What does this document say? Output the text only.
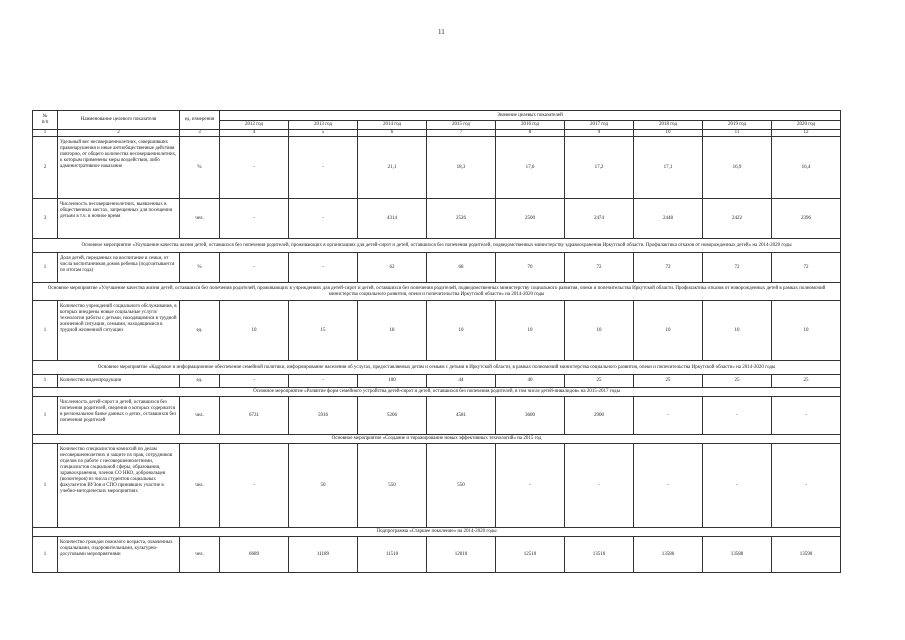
11
№
п/п	Наименование целевого показателя	ед. измерения	Значение целевых показателей								
			2012 год	2013 год	2014 год	2015 год	2016 год	2017 год	2018 год	2019 год	2020 год
1	2	3	4	5	6	7	8	9	10	11	12
2	Удельный вес несовершеннолетних, совершивших правонарушения и иные антиобщественные действия повторно, от общего количества несовершеннолетних, к которым применены меры воздействия, либо административное наказание	%	-	-	21,1	18,3	17,6	17,2	17,1	16,9	16,4
3	Численность несовершеннолетних, выявленных в общественных местах, запрещенных для посещения детьми в т.ч. в ночное время	чел.	-	-	4314	2526	2500	2474	2448	2422	2396
Основное мероприятие «Улучшение качества жизни детей, оставшихся без попечения родителей, проживающих в организациях для детей-сирот и детей, оставшихся без попечения родителей, подведомственных министерству здравоохранения Иркутской области. Профилактика отказов от новорожденных детей» на 2014-2020 годы											
1	Доля детей, переданных на воспитание в семьи, от числа воспитанников домов ребенка (подсчитывается по итогам года)	%	-	-	62	68	70	72	72	72	72
Основное мероприятие «Улучшение качества жизни детей, оставшихся без попечения родителей, проживающих в учреждениях для детей-сирот и детей, оставшихся без попечения родителей, подведомственных министерству социального развития, опеки и попечительства Иркутской области. Профилактика отказов от новорожденных детей в рамках полномочий министерства социального развития, опеки и попечительства Иркутской области» на 2014-2020 годы											
1	Количество учреждений социального обслуживания, в которых внедрены новые социальные услуги/технологии работы с детьми, находящимися в трудной жизненной ситуации, семьями, находящимися в трудной жизненной ситуации	ед.	10	15	18	10	10	10	10	10	10
Основное мероприятие «Кадровое и информационное обеспечение семейной политики, информирование населения об услугах, предоставляемых детям и семьям с детьми в Иркутской области, в рамках полномочий министерства социального развития, опеки и попечительства Иркутской области» на 2014-2020 годы											
1	Количество видеопродукции	ед.	-	-	100	44	40	25	25	25	25
Основное мероприятие «Развитие форм семейного устройства детей-сирот и детей, оставшихся без попечения родителей, в том числе детей-инвалидов» на 2015-2017 годы											
1	Численность детей-сирот и детей, оставшихся без попечения родителей, сведения о которых содержатся в региональном банке данных о детях, оставшихся без попечения родителей	чел.	6731	5916	5206	4581	3600	2900	-	-	-
Основное мероприятие «Создание и тиражирование новых эффективных технологий» на 2015 год											
1	Количество специалистов комиссий по делам несовершеннолетних и защите их прав, сотрудников отделов по работе с несовершеннолетними, специалистов социальной сферы, образования, здравоохранения, членов СО НКО, добровольцев (волонтеров) из числа студентов социальных факультетов ВУЗов и СПО принявших участие в учебно-методических мероприятиях	чел.	-	50	550	550	-	-	-	-	-
Подпрограмма «Старшее поколение» на 2014-2020 годы											
1	Количество граждан пожилого возраста, охваченных социальными, оздоровительными, культурно-досуговыми мероприятиями	чел.	6689	11189	11510	12010	12510	13510	13586	13588	13590
